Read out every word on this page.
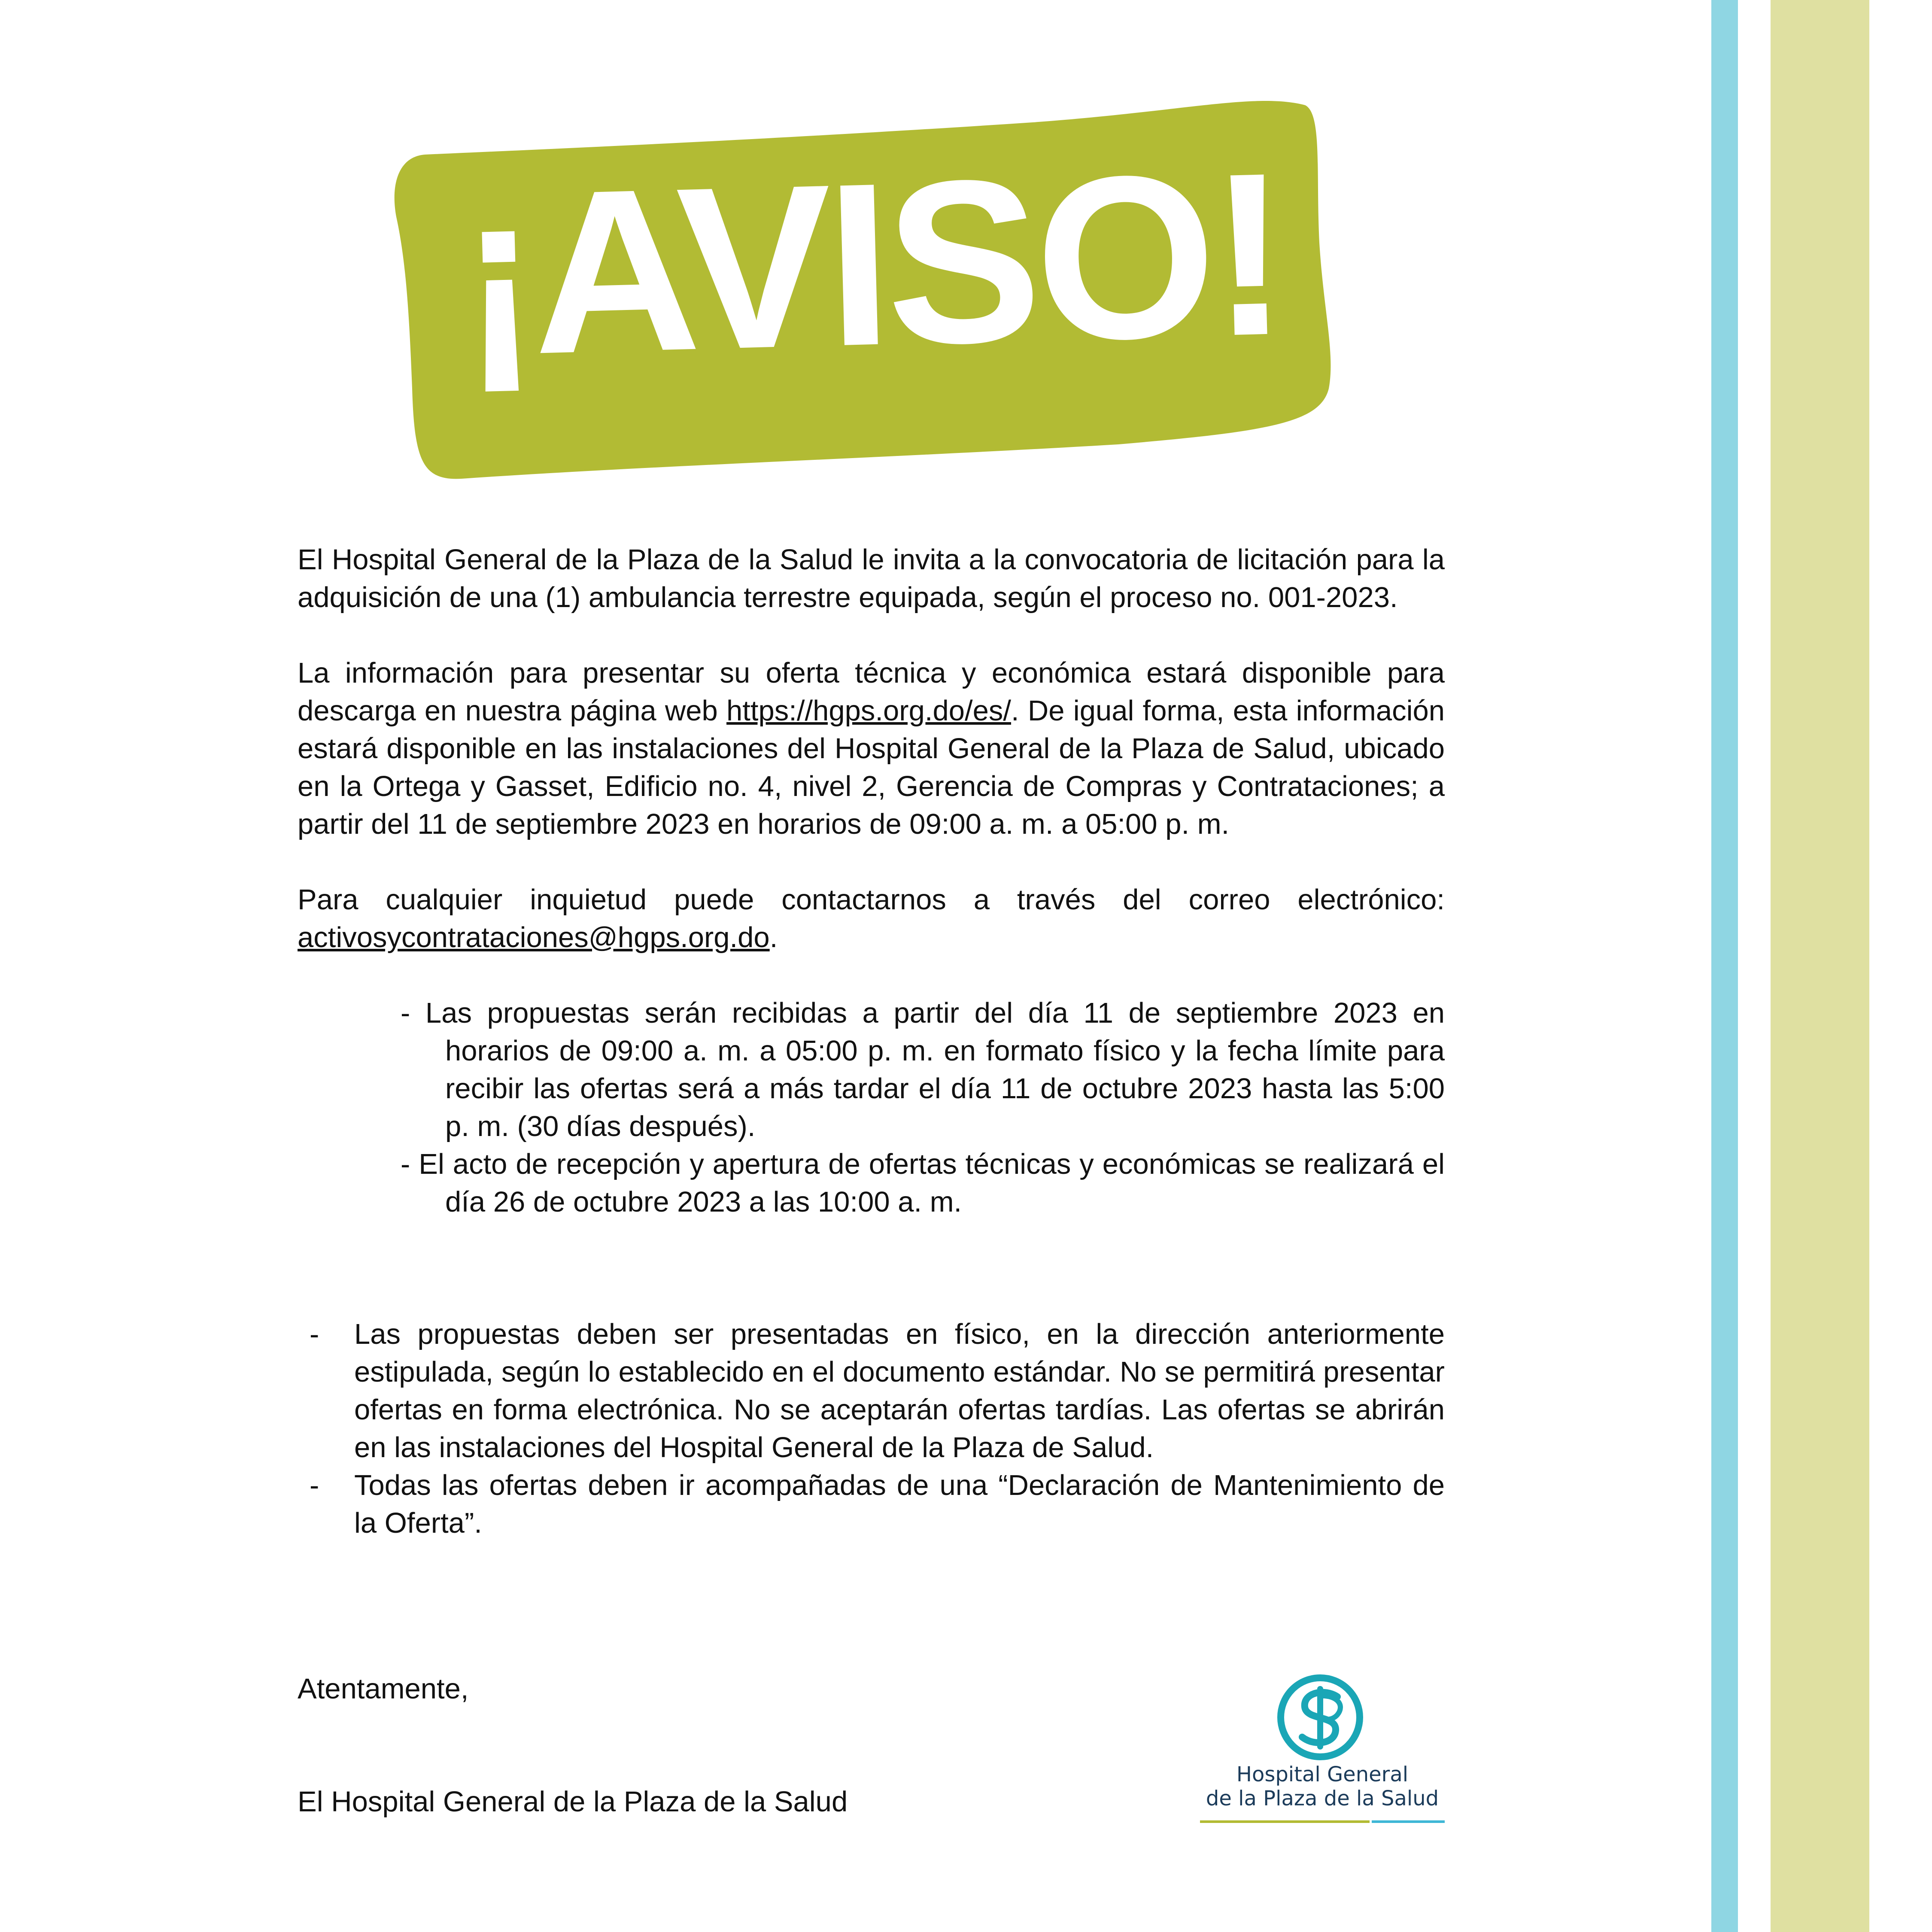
¡AVISO!

El Hospital General de la Plaza de la Salud le invita a la convocatoria de licitación para la adquisición de una (1) ambulancia terrestre equipada, según el proceso no. 001-2023.

La información para presentar su oferta técnica y económica estará disponible para descarga en nuestra página web https://hgps.org.do/es/. De igual forma, esta información estará disponible en las instalaciones del Hospital General de la Plaza de Salud, ubicado en la Ortega y Gasset, Edificio no. 4, nivel 2, Gerencia de Compras y Contrataciones; a partir del 11 de septiembre 2023 en horarios de 09:00 a. m. a 05:00 p. m.

Para cualquier inquietud puede contactarnos a través del correo electrónico: activosycontrataciones@hgps.org.do.

- Las propuestas serán recibidas a partir del día 11 de septiembre 2023 en horarios de 09:00 a. m. a 05:00 p. m. en formato físico y la fecha límite para recibir las ofertas será a más tardar el día 11 de octubre 2023 hasta las 5:00 p. m. (30 días después).
- El acto de recepción y apertura de ofertas técnicas y económicas se realizará el día 26 de octubre 2023 a las 10:00 a. m.
- Las propuestas deben ser presentadas en físico, en la dirección anteriormente estipulada, según lo establecido en el documento estándar. No se permitirá presentar ofertas en forma electrónica. No se aceptarán ofertas tardías. Las ofertas se abrirán en las instalaciones del Hospital General de la Plaza de Salud.
- Todas las ofertas deben ir acompañadas de una “Declaración de Mantenimiento de la Oferta”.
Atentamente,
El Hospital General de la Plaza de la Salud
Hospital General
de la Plaza de la Salud
